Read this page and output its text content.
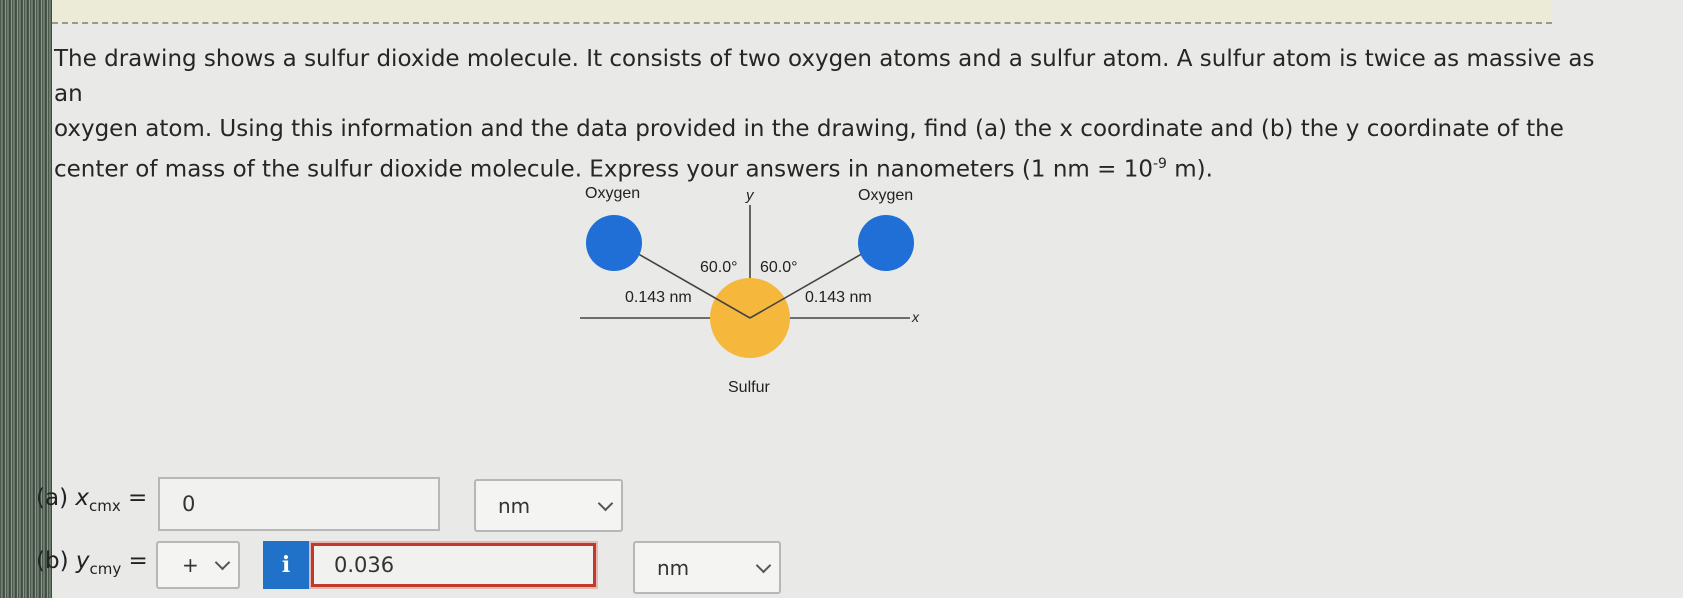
The drawing shows a sulfur dioxide molecule. It consists of two oxygen atoms and a sulfur atom. A sulfur atom is twice as massive as an
oxygen atom. Using this information and the data provided in the drawing, find (a) the x coordinate and (b) the y coordinate of the
center of mass of the sulfur dioxide molecule. Express your answers in nanometers (1 nm = $10^{-9}$ m).
Oxygen	Oxygen
y
x
60.0° 60.0°
0.143 nm	0.143 nm
Sulfur
(a) $x_{cmx}$ =	0	nm
(b) $y_{cmy}$ = +	i	0.036	nm
